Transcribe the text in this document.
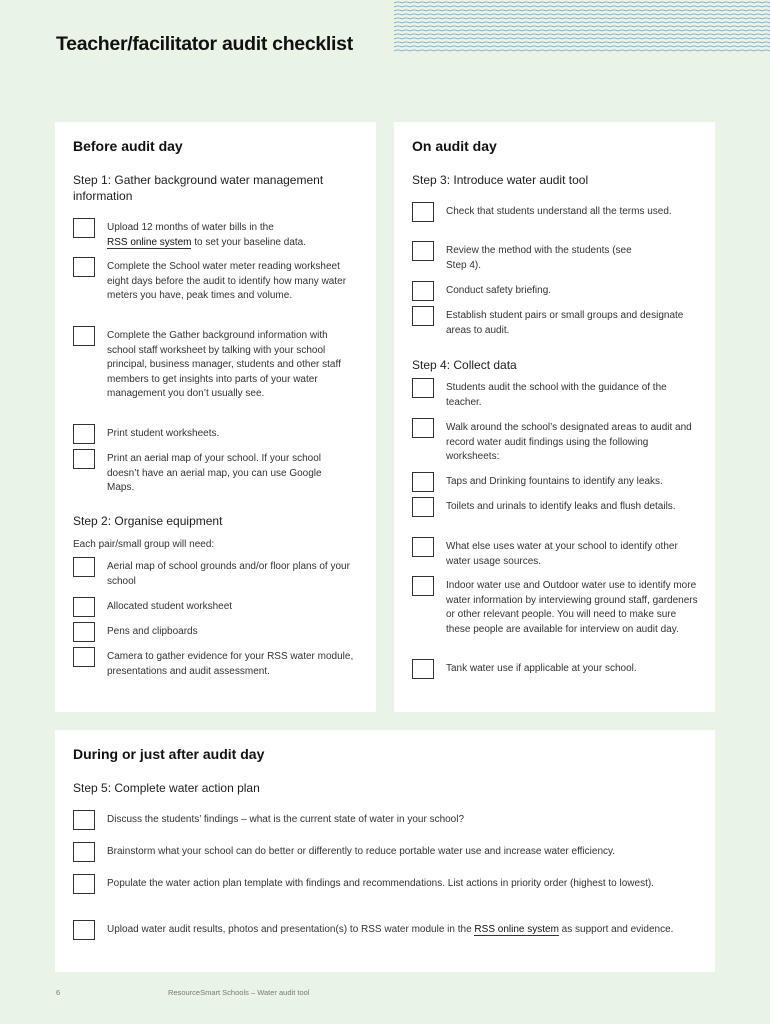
Teacher/facilitator audit checklist
Before audit day
Step 1: Gather background water management information
Upload 12 months of water bills in the
RSS online system to set your baseline data.
Complete the School water meter reading worksheet eight days before the audit to identify how many water meters you have, peak times and volume.
Complete the Gather background information with school staff worksheet by talking with your school principal, business manager, students and other staff members to get insights into parts of your water management you don’t usually see.
Print student worksheets.
Print an aerial map of your school. If your school doesn’t have an aerial map, you can use Google Maps.
Step 2: Organise equipment
Each pair/small group will need:
Aerial map of school grounds and/or floor plans of your school
Allocated student worksheet
Pens and clipboards
Camera to gather evidence for your RSS water module, presentations and audit assessment.
On audit day
Step 3: Introduce water audit tool
Check that students understand all the terms used.
Review the method with the students (see Step 4).
Conduct safety briefing.
Establish student pairs or small groups and designate areas to audit.
Step 4: Collect data
Students audit the school with the guidance of the teacher.
Walk around the school’s designated areas to audit and record water audit findings using the following worksheets:
Taps and Drinking fountains to identify any leaks.
Toilets and urinals to identify leaks and flush details.
What else uses water at your school to identify other water usage sources.
Indoor water use and Outdoor water use to identify more water information by interviewing ground staff, gardeners or other relevant people. You will need to make sure these people are available for interview on audit day.
Tank water use if applicable at your school.
During or just after audit day
Step 5: Complete water action plan
Discuss the students’ findings – what is the current state of water in your school?
Brainstorm what your school can do better or differently to reduce portable water use and increase water efficiency.
Populate the water action plan template with findings and recommendations. List actions in priority order (highest to lowest).
Upload water audit results, photos and presentation(s) to RSS water module in the RSS online system as support and evidence.
6	ResourceSmart Schools – Water audit tool
